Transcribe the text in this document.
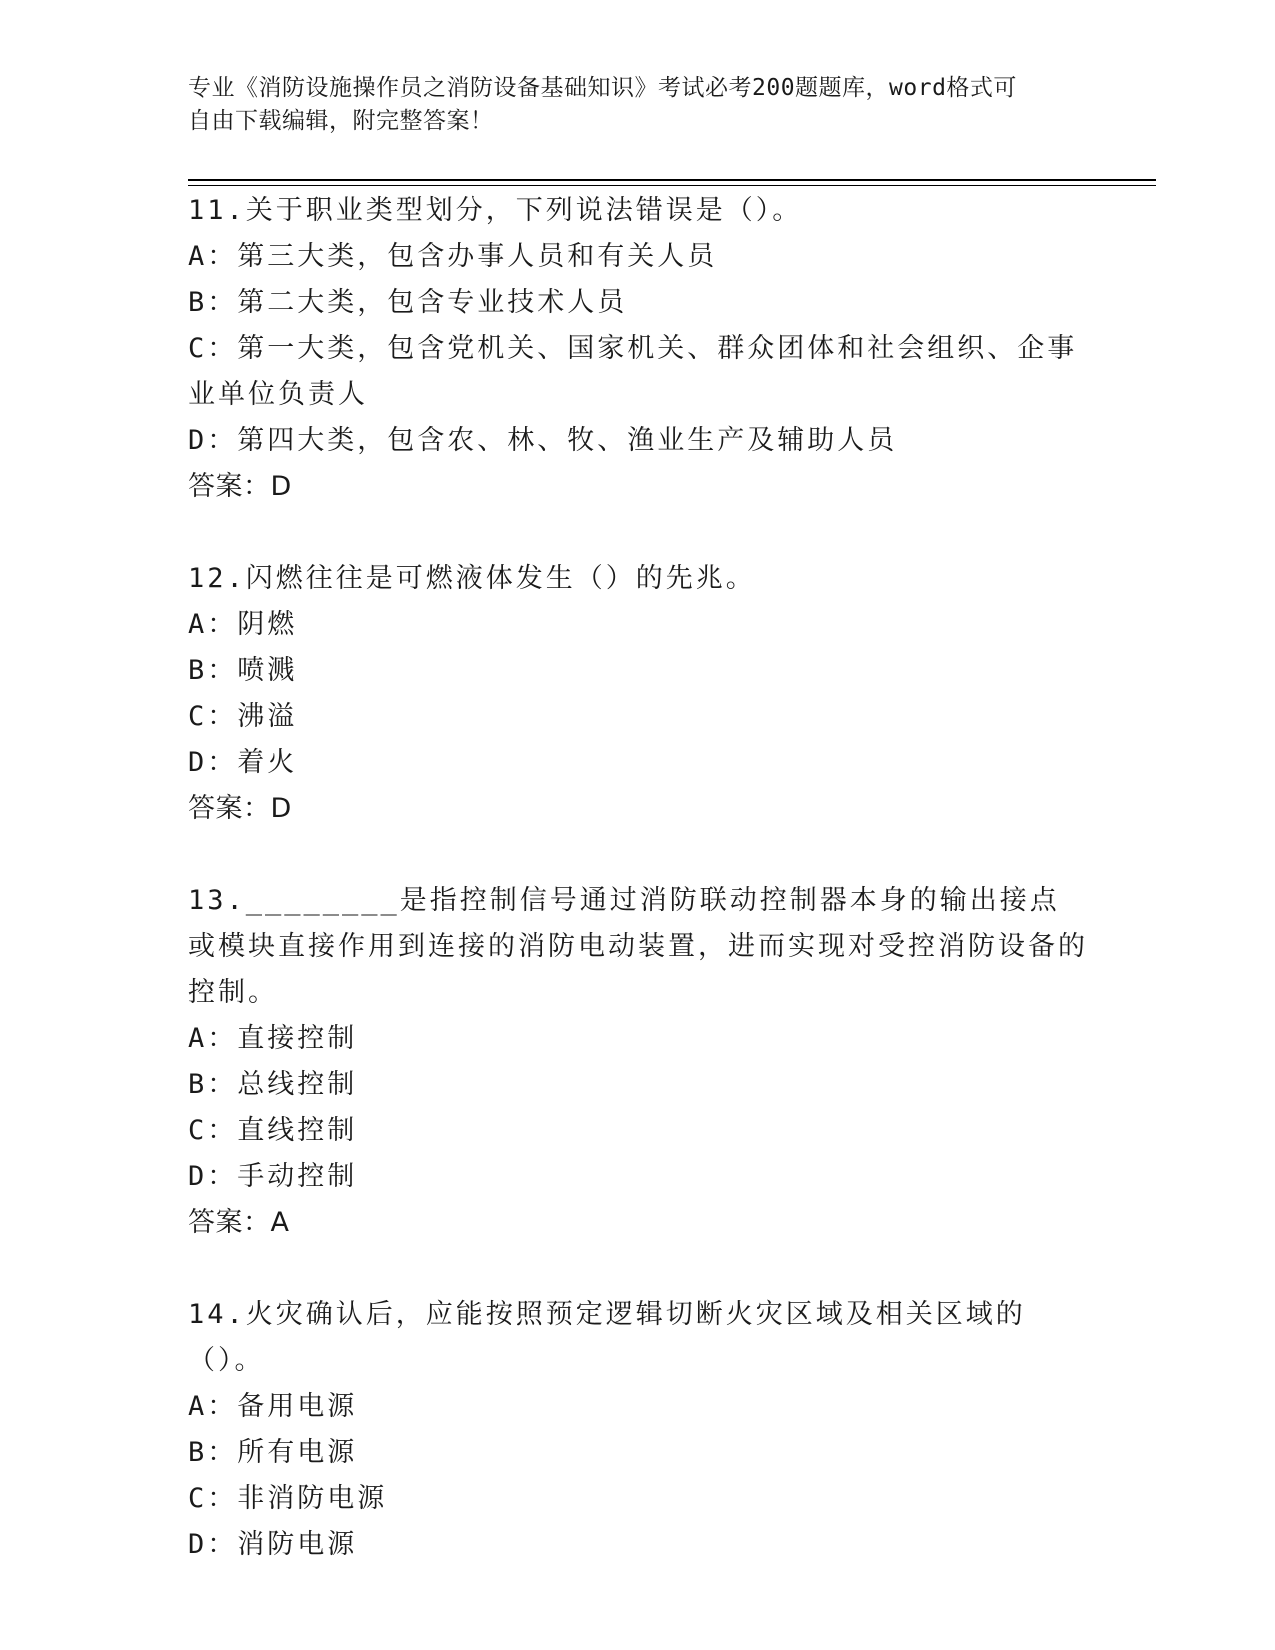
专业《消防设施操作员之消防设备基础知识》考试必考200题题库，word格式可
自由下载编辑，附完整答案！
11.关于职业类型划分，下列说法错误是（）。
A：第三大类，包含办事人员和有关人员
B：第二大类，包含专业技术人员
C：第一大类，包含党机关、国家机关、群众团体和社会组织、企事业单位负责人
D：第四大类，包含农、林、牧、渔业生产及辅助人员
答案：D
12.闪燃往往是可燃液体发生（）的先兆。
A：阴燃
B：喷溅
C：沸溢
D：着火
答案：D
13.________是指控制信号通过消防联动控制器本身的输出接点或模块直接作用到连接的消防电动装置，进而实现对受控消防设备的控制。
A：直接控制
B：总线控制
C：直线控制
D：手动控制
答案：A
14.火灾确认后，应能按照预定逻辑切断火灾区域及相关区域的（）。
A：备用电源
B：所有电源
C：非消防电源
D：消防电源
